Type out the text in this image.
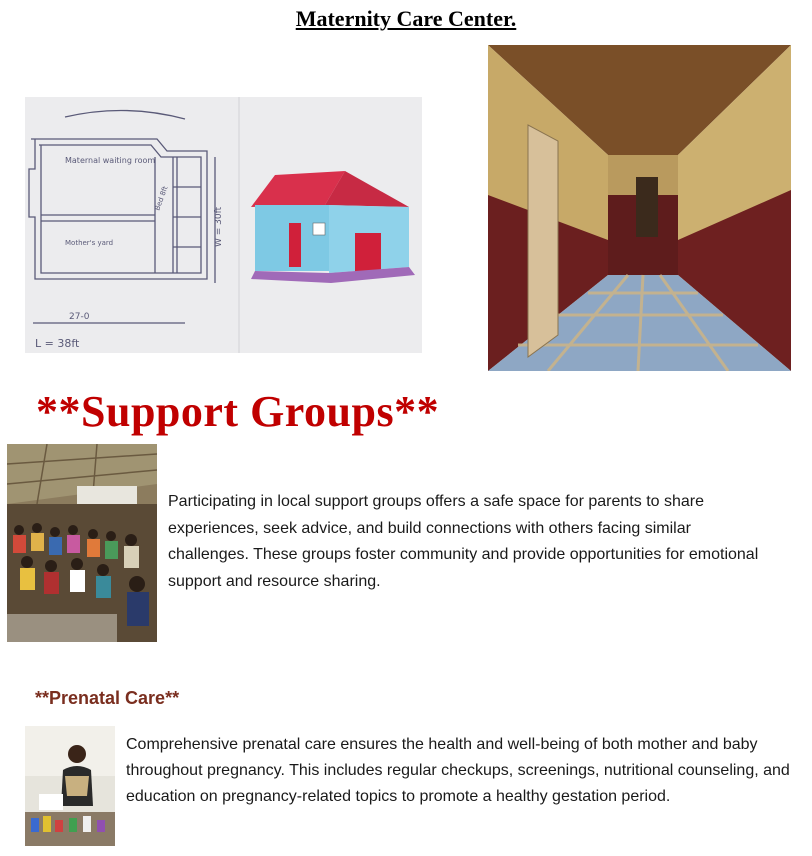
Maternity Care Center.
Maternal waiting room
Mother's yard
Bed 8ft
27-0
W = 30ft
L = 38ft
**Support Groups**
Participating in local support groups offers a safe space for parents to share experiences, seek advice, and build connections with others facing similar challenges. These groups foster community and provide opportunities for emotional support and resource sharing.
**Prenatal Care**
Comprehensive prenatal care ensures the health and well-being of both mother and baby throughout pregnancy. This includes regular checkups, screenings, nutritional counseling, and education on pregnancy-related topics to promote a healthy gestation period.
